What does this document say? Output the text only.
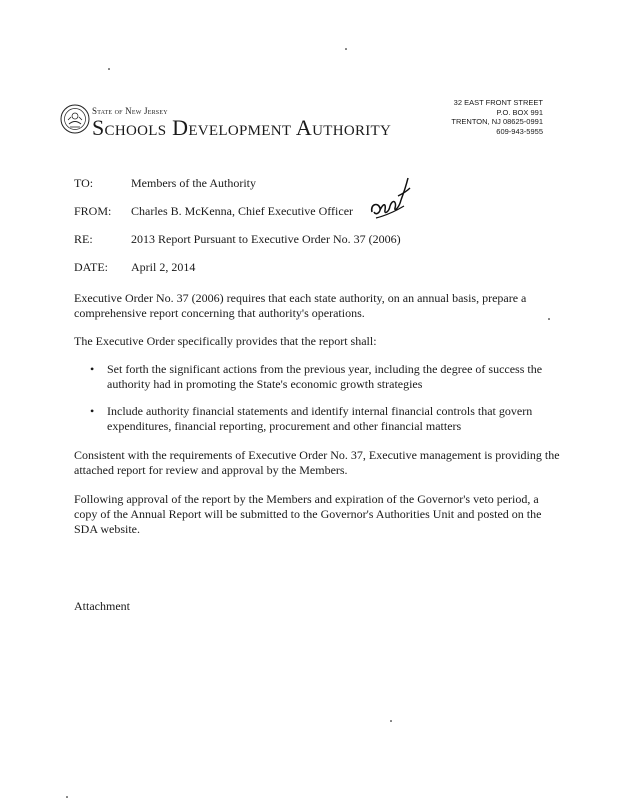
State of New Jersey
Schools Development Authority
32 EAST FRONT STREET
P.O. BOX 991
TRENTON, NJ 08625-0991
609-943-5955
TO:	Members of the Authority
FROM: Charles B. McKenna, Chief Executive Officer
RE:	2013 Report Pursuant to Executive Order No. 37 (2006)
DATE: April 2, 2014
Executive Order No. 37 (2006) requires that each state authority, on an annual basis, prepare a comprehensive report concerning that authority's operations.
The Executive Order specifically provides that the report shall:
•	Set forth the significant actions from the previous year, including the degree of success the authority had in promoting the State's economic growth strategies
•	Include authority financial statements and identify internal financial controls that govern expenditures, financial reporting, procurement and other financial matters
Consistent with the requirements of Executive Order No. 37, Executive management is providing the attached report for review and approval by the Members.
Following approval of the report by the Members and expiration of the Governor's veto period, a copy of the Annual Report will be submitted to the Governor's Authorities Unit and posted on the SDA website.
Attachment
